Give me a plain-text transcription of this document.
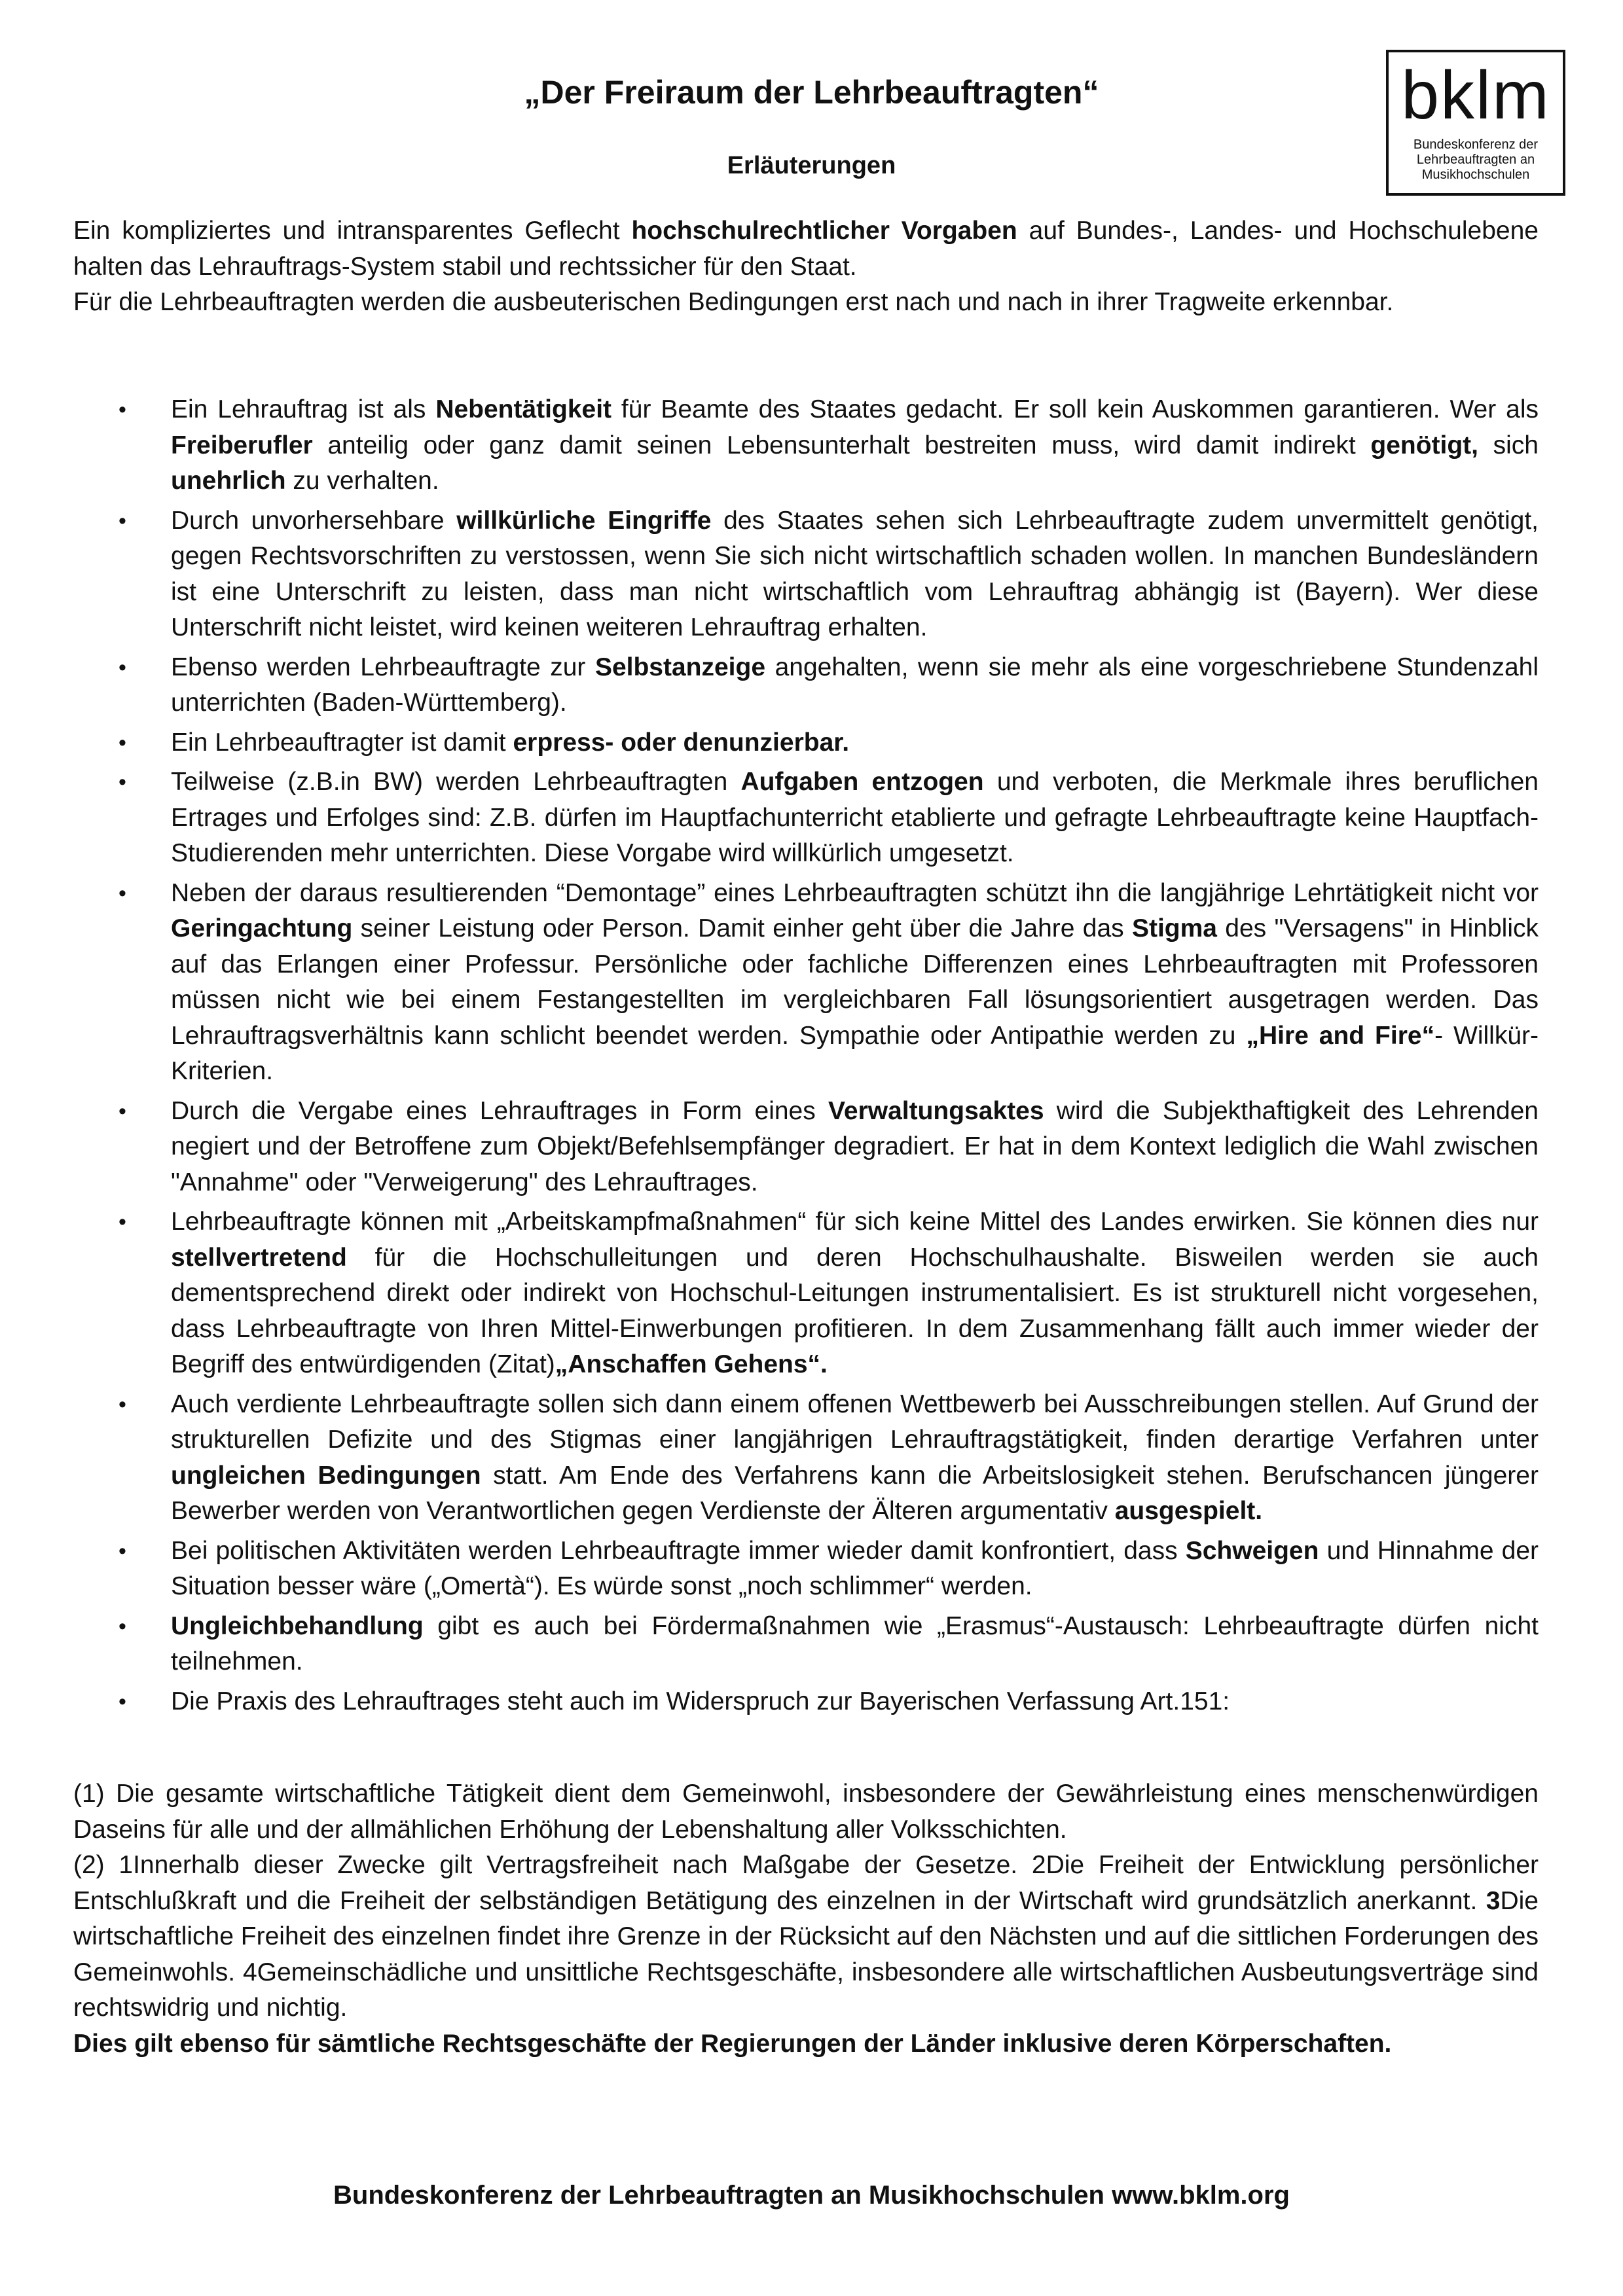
„Der Freiraum der Lehrbeauftragten“
Erläuterungen
bklm
Bundeskonferenz der
Lehrbeauftragten an
Musikhochschulen

Ein kompliziertes und intransparentes Geflecht hochschulrechtlicher Vorgaben auf Bundes-, Landes- und Hochschulebene halten das Lehrauftrags-System stabil und rechtssicher für den Staat.

Für die Lehrbeauftragten werden die ausbeuterischen Bedingungen erst nach und nach in ihrer Tragweite erkennbar.

• Ein Lehrauftrag ist als Nebentätigkeit für Beamte des Staates gedacht. Er soll kein Auskommen garantieren. Wer als Freiberufler anteilig oder ganz damit seinen Lebensunterhalt bestreiten muss, wird damit indirekt genötigt, sich unehrlich zu verhalten.
• Durch unvorhersehbare willkürliche Eingriffe des Staates sehen sich Lehrbeauftragte zudem unvermittelt genötigt, gegen Rechtsvorschriften zu verstossen, wenn Sie sich nicht wirtschaftlich schaden wollen. In manchen Bundesländern ist eine Unterschrift zu leisten, dass man nicht wirtschaftlich vom Lehrauftrag abhängig ist (Bayern). Wer diese Unterschrift nicht leistet, wird keinen weiteren Lehrauftrag erhalten.
• Ebenso werden Lehrbeauftragte zur Selbstanzeige angehalten, wenn sie mehr als eine vorgeschriebene Stundenzahl unterrichten (Baden-Württemberg).
• Ein Lehrbeauftragter ist damit erpress- oder denunzierbar.
• Teilweise (z.B.in BW) werden Lehrbeauftragten Aufgaben entzogen und verboten, die Merkmale ihres beruflichen Ertrages und Erfolges sind: Z.B. dürfen im Hauptfachunterricht etablierte und gefragte Lehrbeauftragte keine Hauptfach-Studierenden mehr unterrichten. Diese Vorgabe wird willkürlich umgesetzt.
• Neben der daraus resultierenden “Demontage” eines Lehrbeauftragten schützt ihn die langjährige Lehrtätigkeit nicht vor Geringachtung seiner Leistung oder Person. Damit einher geht über die Jahre das Stigma des "Versagens" in Hinblick auf das Erlangen einer Professur. Persönliche oder fachliche Differenzen eines Lehrbeauftragten mit Professoren müssen nicht wie bei einem Festangestellten im vergleichbaren Fall lösungsorientiert ausgetragen werden. Das Lehrauftragsverhältnis kann schlicht beendet werden. Sympathie oder Antipathie werden zu „Hire and Fire“- Willkür-Kriterien.
• Durch die Vergabe eines Lehrauftrages in Form eines Verwaltungsaktes wird die Subjekthaftigkeit des Lehrenden negiert und der Betroffene zum Objekt/Befehlsempfänger degradiert. Er hat in dem Kontext lediglich die Wahl zwischen "Annahme" oder "Verweigerung" des Lehrauftrages.
• Lehrbeauftragte können mit „Arbeitskampfmaßnahmen“ für sich keine Mittel des Landes erwirken. Sie können dies nur stellvertretend für die Hochschulleitungen und deren Hochschulhaushalte. Bisweilen werden sie auch dementsprechend direkt oder indirekt von Hochschul-Leitungen instrumentalisiert. Es ist strukturell nicht vorgesehen, dass Lehrbeauftragte von Ihren Mittel-Einwerbungen profitieren. In dem Zusammenhang fällt auch immer wieder der Begriff des entwürdigenden (Zitat)„Anschaffen Gehens“.
• Auch verdiente Lehrbeauftragte sollen sich dann einem offenen Wettbewerb bei Ausschreibungen stellen. Auf Grund der strukturellen Defizite und des Stigmas einer langjährigen Lehrauftragstätigkeit, finden derartige Verfahren unter ungleichen Bedingungen statt. Am Ende des Verfahrens kann die Arbeitslosigkeit stehen. Berufschancen jüngerer Bewerber werden von Verantwortlichen gegen Verdienste der Älteren argumentativ ausgespielt.
• Bei politischen Aktivitäten werden Lehrbeauftragte immer wieder damit konfrontiert, dass Schweigen und Hinnahme der Situation besser wäre („Omertà“). Es würde sonst „noch schlimmer“ werden.
• Ungleichbehandlung gibt es auch bei Fördermaßnahmen wie „Erasmus“-Austausch: Lehrbeauftragte dürfen nicht teilnehmen.
• Die Praxis des Lehrauftrages steht auch im Widerspruch zur Bayerischen Verfassung Art.151:

(1) Die gesamte wirtschaftliche Tätigkeit dient dem Gemeinwohl, insbesondere der Gewährleistung eines menschenwürdigen Daseins für alle und der allmählichen Erhöhung der Lebenshaltung aller Volksschichten.

(2) 1Innerhalb dieser Zwecke gilt Vertragsfreiheit nach Maßgabe der Gesetze. 2Die Freiheit der Entwicklung persönlicher Entschlußkraft und die Freiheit der selbständigen Betätigung des einzelnen in der Wirtschaft wird grundsätzlich anerkannt. 3Die wirtschaftliche Freiheit des einzelnen findet ihre Grenze in der Rücksicht auf den Nächsten und auf die sittlichen Forderungen des Gemeinwohls. 4Gemeinschädliche und unsittliche Rechtsgeschäfte, insbesondere alle wirtschaftlichen Ausbeutungsverträge sind rechtswidrig und nichtig.

Dies gilt ebenso für sämtliche Rechtsgeschäfte der Regierungen der Länder inklusive deren Körperschaften.

Bundeskonferenz der Lehrbeauftragten an Musikhochschulen www.bklm.org
